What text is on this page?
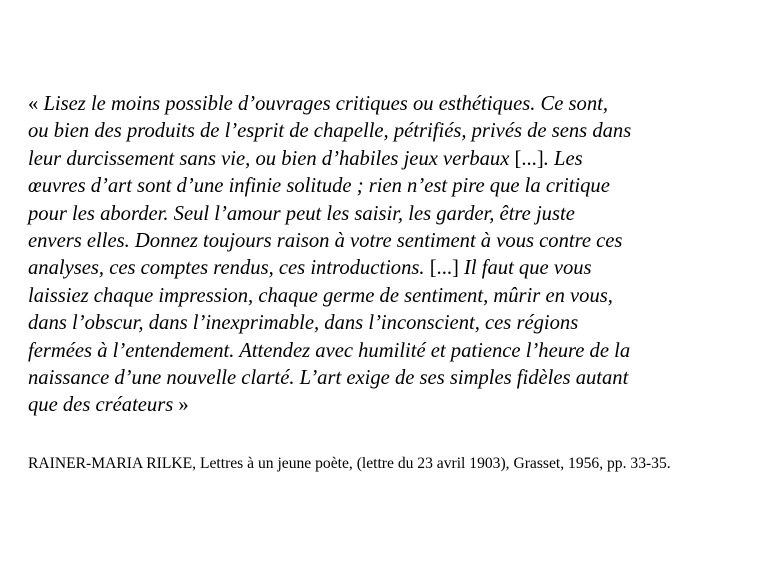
« Lisez le moins possible d’ouvrages critiques ou esthétiques. Ce sont,
ou bien des produits de l’esprit de chapelle, pétrifiés, privés de sens dans
leur durcissement sans vie, ou bien d’habiles jeux verbaux [...]. Les
œuvres d’art sont d’une infinie solitude ; rien n’est pire que la critique
pour les aborder. Seul l’amour peut les saisir, les garder, être juste
envers elles. Donnez toujours raison à votre sentiment à vous contre ces
analyses, ces comptes rendus, ces introductions. [...] Il faut que vous
laissiez chaque impression, chaque germe de sentiment, mûrir en vous,
dans l’obscur, dans l’inexprimable, dans l’inconscient, ces régions
fermées à l’entendement. Attendez avec humilité et patience l’heure de la
naissance d’une nouvelle clarté. L’art exige de ses simples fidèles autant
que des créateurs »

RAINER-MARIA RILKE, Lettres à un jeune poète, (lettre du 23 avril 1903), Grasset, 1956, pp. 33-35.
